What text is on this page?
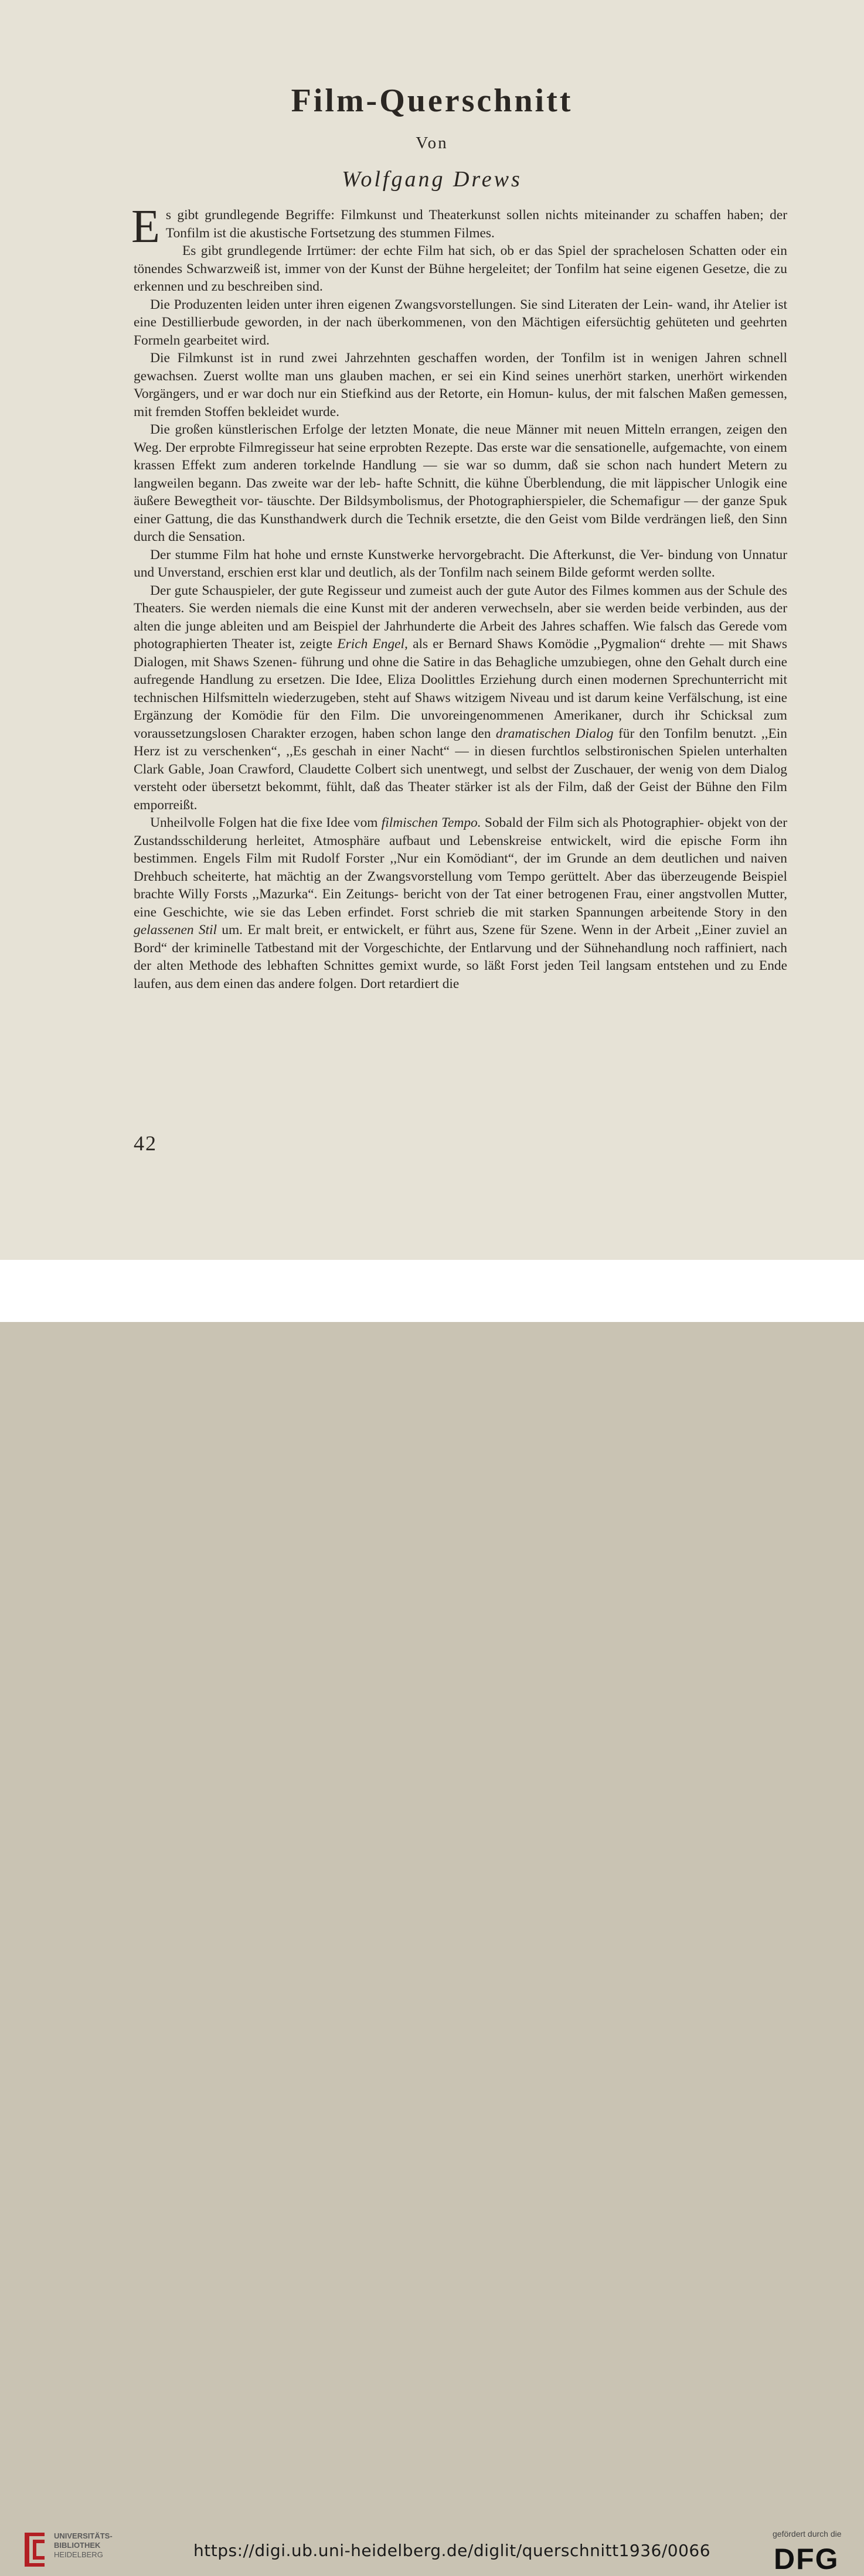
Film-Querschnitt
Von
Wolfgang Drews

Es gibt grundlegende Begriffe: Filmkunst und Theaterkunst sollen nichts miteinander zu schaffen haben; der Tonfilm ist die akustische Fortsetzung des stummen Filmes.

Es gibt grundlegende Irrtümer: der echte Film hat sich, ob er das Spiel der sprachelosen Schatten oder ein tönendes Schwarzweiß ist, immer von der Kunst der Bühne hergeleitet; der Tonfilm hat seine eigenen Gesetze, die zu erkennen und zu beschreiben sind.

Die Produzenten leiden unter ihren eigenen Zwangsvorstellungen. Sie sind Literaten der Lein- wand, ihr Atelier ist eine Destillierbude geworden, in der nach überkommenen, von den Mächtigen eifersüchtig gehüteten und geehrten Formeln gearbeitet wird.

Die Filmkunst ist in rund zwei Jahrzehnten geschaffen worden, der Tonfilm ist in wenigen Jahren schnell gewachsen. Zuerst wollte man uns glauben machen, er sei ein Kind seines unerhört starken, unerhört wirkenden Vorgängers, und er war doch nur ein Stiefkind aus der Retorte, ein Homun- kulus, der mit falschen Maßen gemessen, mit fremden Stoffen bekleidet wurde.

Die großen künstlerischen Erfolge der letzten Monate, die neue Männer mit neuen Mitteln errangen, zeigen den Weg. Der erprobte Filmregisseur hat seine erprobten Rezepte. Das erste war die sensationelle, aufgemachte, von einem krassen Effekt zum anderen torkelnde Handlung — sie war so dumm, daß sie schon nach hundert Metern zu langweilen begann. Das zweite war der leb- hafte Schnitt, die kühne Überblendung, die mit läppischer Unlogik eine äußere Bewegtheit vor- täuschte. Der Bildsymbolismus, der Photographierspieler, die Schemafigur — der ganze Spuk einer Gattung, die das Kunsthandwerk durch die Technik ersetzte, die den Geist vom Bilde verdrängen ließ, den Sinn durch die Sensation.

Der stumme Film hat hohe und ernste Kunstwerke hervorgebracht. Die Afterkunst, die Ver- bindung von Unnatur und Unverstand, erschien erst klar und deutlich, als der Tonfilm nach seinem Bilde geformt werden sollte.

Der gute Schauspieler, der gute Regisseur und zumeist auch der gute Autor des Filmes kommen aus der Schule des Theaters. Sie werden niemals die eine Kunst mit der anderen verwechseln, aber sie werden beide verbinden, aus der alten die junge ableiten und am Beispiel der Jahrhunderte die Arbeit des Jahres schaffen. Wie falsch das Gerede vom photographierten Theater ist, zeigte Erich Engel, als er Bernard Shaws Komödie ,,Pygmalion“ drehte — mit Shaws Dialogen, mit Shaws Szenen- führung und ohne die Satire in das Behagliche umzubiegen, ohne den Gehalt durch eine aufregende Handlung zu ersetzen. Die Idee, Eliza Doolittles Erziehung durch einen modernen Sprechunterricht mit technischen Hilfsmitteln wiederzugeben, steht auf Shaws witzigem Niveau und ist darum keine Verfälschung, ist eine Ergänzung der Komödie für den Film. Die unvoreingenommenen Amerikaner, durch ihr Schicksal zum voraussetzungslosen Charakter erzogen, haben schon lange den dramatischen Dialog für den Tonfilm benutzt. ,,Ein Herz ist zu verschenken“, ,,Es geschah in einer Nacht“ — in diesen furchtlos selbstironischen Spielen unterhalten Clark Gable, Joan Crawford, Claudette Colbert sich unentwegt, und selbst der Zuschauer, der wenig von dem Dialog versteht oder übersetzt bekommt, fühlt, daß das Theater stärker ist als der Film, daß der Geist der Bühne den Film emporreißt.

Unheilvolle Folgen hat die fixe Idee vom filmischen Tempo. Sobald der Film sich als Photographier- objekt von der Zustandsschilderung herleitet, Atmosphäre aufbaut und Lebenskreise entwickelt, wird die epische Form ihn bestimmen. Engels Film mit Rudolf Forster ,,Nur ein Komödiant“, der im Grunde an dem deutlichen und naiven Drehbuch scheiterte, hat mächtig an der Zwangsvorstellung vom Tempo gerüttelt. Aber das überzeugende Beispiel brachte Willy Forsts ,,Mazurka“. Ein Zeitungs- bericht von der Tat einer betrogenen Frau, einer angstvollen Mutter, eine Geschichte, wie sie das Leben erfindet. Forst schrieb die mit starken Spannungen arbeitende Story in den gelassenen Stil um. Er malt breit, er entwickelt, er führt aus, Szene für Szene. Wenn in der Arbeit ,,Einer zuviel an Bord“ der kriminelle Tatbestand mit der Vorgeschichte, der Entlarvung und der Sühnehandlung noch raffiniert, nach der alten Methode des lebhaften Schnittes gemixt wurde, so läßt Forst jeden Teil langsam entstehen und zu Ende laufen, aus dem einen das andere folgen. Dort retardiert die

42
UNIVERSITÄTS-
BIBLIOTHEK
HEIDELBERG	https://digi.ub.uni-heidelberg.de/diglit/querschnitt1936/0066
gefördert durch die
DFG
